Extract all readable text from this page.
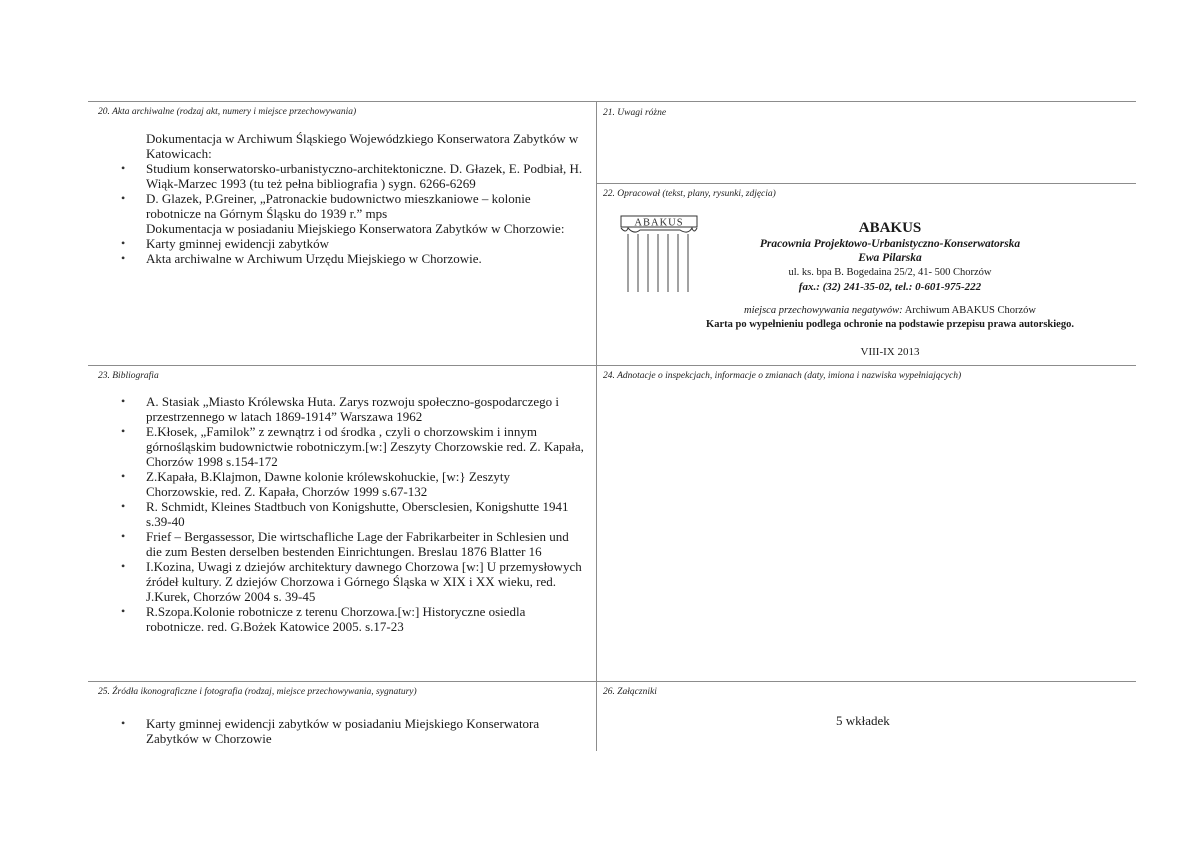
20. Akta archiwalne (rodzaj akt, numery i miejsce przechowywania)
Dokumentacja w Archiwum Śląskiego Wojewódzkiego Konserwatora Zabytków w Katowicach:
• Studium konserwatorsko-urbanistyczno-architektoniczne. D. Głazek, E. Podbiał, H. Wiąk-Marzec 1993 (tu też pełna bibliografia ) sygn. 6266-6269
• D. Glazek, P.Greiner, „Patronackie budownictwo mieszkaniowe – kolonie robotnicze na Górnym Śląsku do 1939 r.” mps
Dokumentacja w posiadaniu Miejskiego Konserwatora Zabytków w Chorzowie:
• Karty gminnej ewidencji zabytków
• Akta archiwalne w Archiwum Urzędu Miejskiego w Chorzowie.
21. Uwagi różne
22. Opracował (tekst, plany, rysunki, zdjęcia)
ABAKUS	ABAKUS
Pracownia Projektowo-Urbanistyczno-Konserwatorska
Ewa Pilarska
ul. ks. bpa B. Bogedaina 25/2, 41- 500 Chorzów
fax.: (32) 241-35-02, tel.: 0-601-975-222
miejsca przechowywania negatywów: Archiwum ABAKUS Chorzów
Karta po wypełnieniu podlega ochronie na podstawie przepisu prawa autorskiego.
VIII-IX 2013
23. Bibliografia
• A. Stasiak „Miasto Królewska Huta. Zarys rozwoju społeczno-gospodarczego i przestrzennego w latach 1869-1914” Warszawa 1962
• E.Kłosek, „Familok” z zewnątrz i od środka , czyli o chorzowskim i innym górnośląskim budownictwie robotniczym.[w:] Zeszyty Chorzowskie red. Z. Kapała, Chorzów 1998 s.154-172
• Z.Kapała, B.Klajmon, Dawne kolonie królewskohuckie, [w:} Zeszyty Chorzowskie, red. Z. Kapała, Chorzów 1999 s.67-132
• R. Schmidt, Kleines Stadtbuch von Konigshutte, Obersclesien, Konigshutte 1941 s.39-40
• Frief – Bergassessor, Die wirtschafliche Lage der Fabrikarbeiter in Schlesien und die zum Besten derselben bestenden Einrichtungen. Breslau 1876 Blatter 16
• I.Kozina, Uwagi z dziejów architektury dawnego Chorzowa [w:] U przemysłowych źródeł kultury. Z dziejów Chorzowa i Górnego Śląska w XIX i XX wieku, red. J.Kurek, Chorzów 2004 s. 39-45
• R.Szopa.Kolonie robotnicze z terenu Chorzowa.[w:] Historyczne osiedla robotnicze. red. G.Bożek Katowice 2005. s.17-23
24. Adnotacje o inspekcjach, informacje o zmianach (daty, imiona i nazwiska wypełniających)
25. Źródła ikonograficzne i fotografia (rodzaj, miejsce przechowywania, sygnatury)
• Karty gminnej ewidencji zabytków w posiadaniu Miejskiego Konserwatora Zabytków w Chorzowie
26. Załączniki
5 wkładek
